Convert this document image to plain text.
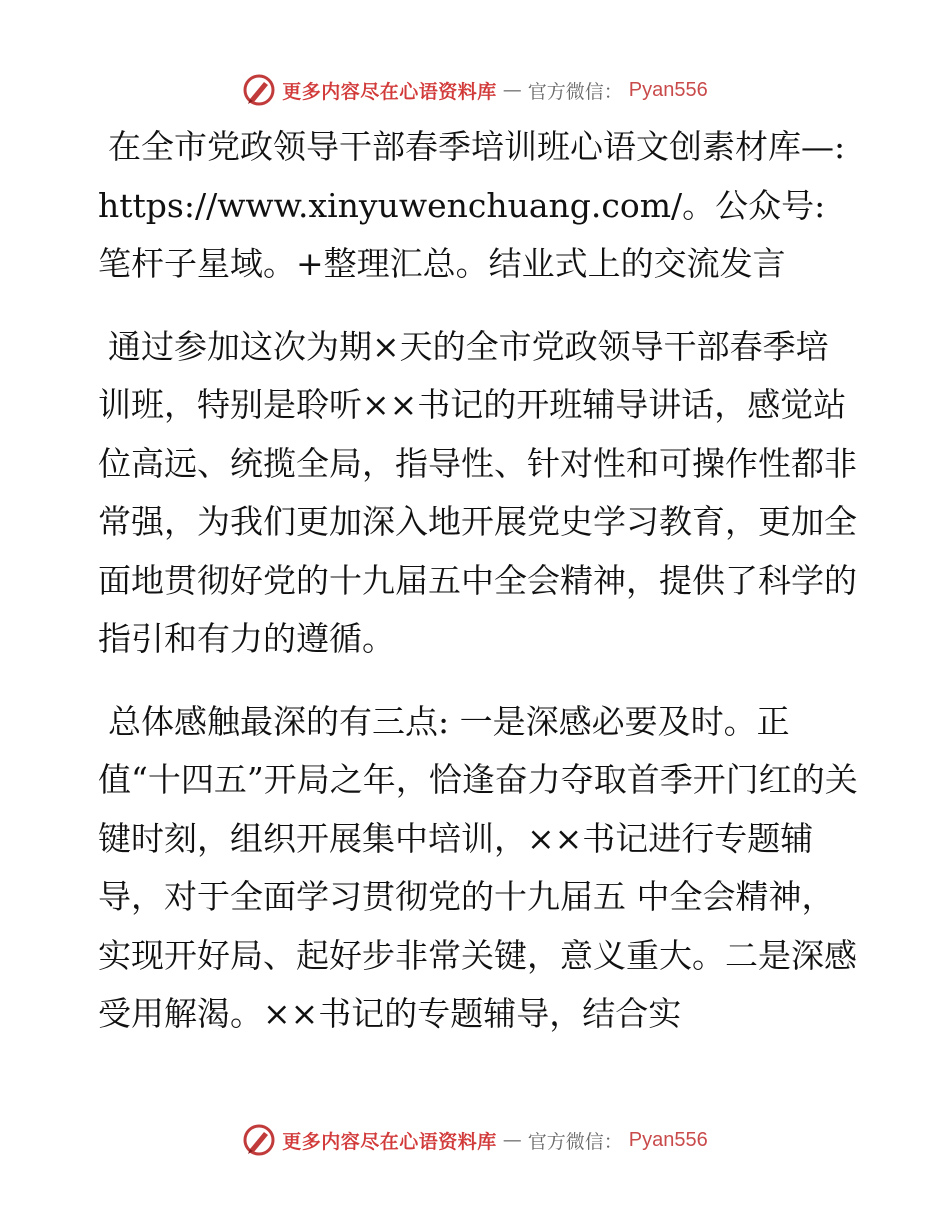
更多内容尽在心语资料库 — 官方微信： Pyan556

在全市党政领导干部春季培训班心语文创素材库—: https://www.xinyuwenchuang.com/。公众号: 笔杆子星域。+整理汇总。结业式上的交流发言

通过参加这次为期×天的全市党政领导干部春季培训班，特别是聆听××书记的开班辅导讲话，感觉站位高远、统揽全局，指导性、针对性和可操作性都非常强，为我们更加深入地开展党史学习教育，更加全面地贯彻好党的十九届五中全会精神，提供了科学的指引和有力的遵循。

总体感触最深的有三点: 一是深感必要及时。正值“十四五”开局之年，恰逢奋力夺取首季开门红的关键时刻，组织开展集中培训，××书记进行专题辅导，对于全面学习贯彻党的十九届五 中全会精神，实现开好局、起好步非常关键，意义重大。二是深感受用解渴。××书记的专题辅导，结合实

更多内容尽在心语资料库 — 官方微信： Pyan556
